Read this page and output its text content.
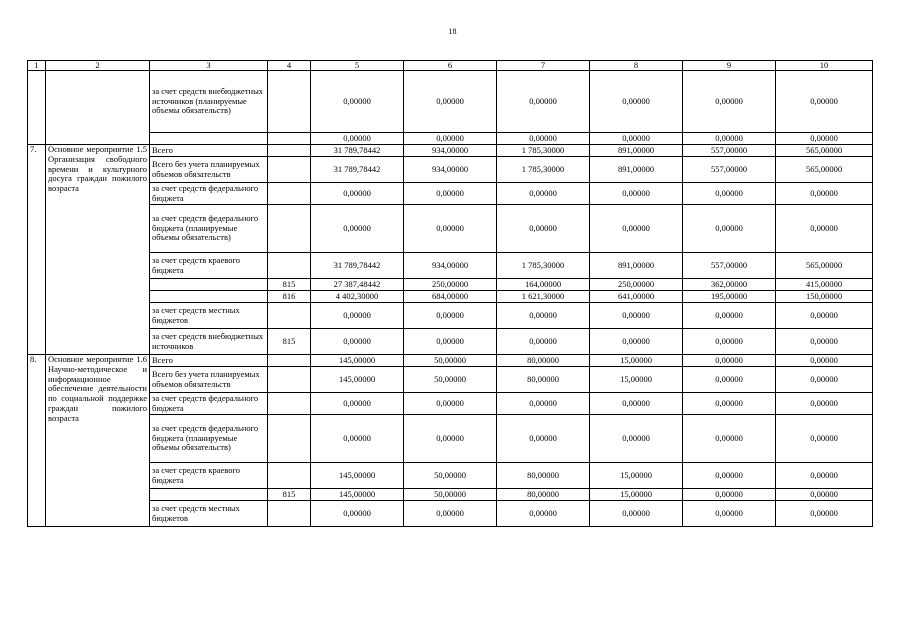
18
1	2	3	4	5	6	7	8	9	10
		за счет средств внебюджетных источников (планируемые объемы обязательств)		0,00000	0,00000	0,00000	0,00000	0,00000	0,00000
				0,00000	0,00000	0,00000	0,00000	0,00000	0,00000
7.	Основное мероприятие 1.5 Организация свободного времени и культурного досуга граждан пожилого возраста	Всего		31 789,78442	934,00000	1 785,30000	891,00000	557,00000	565,00000
		Всего без учета планируемых объемов обязательств		31 789,78442	934,00000	1 785,30000	891,00000	557,00000	565,00000
		за счет средств федерального бюджета		0,00000	0,00000	0,00000	0,00000	0,00000	0,00000
		за счет средств федерального бюджета (планируемые объемы обязательств)		0,00000	0,00000	0,00000	0,00000	0,00000	0,00000
		за счет средств краевого бюджета		31 789,78442	934,00000	1 785,30000	891,00000	557,00000	565,00000
			815	27 387,48442	250,00000	164,00000	250,00000	362,00000	415,00000
			816	4 402,30000	684,00000	1 621,30000	641,00000	195,00000	150,00000
		за счет средств местных бюджетов		0,00000	0,00000	0,00000	0,00000	0,00000	0,00000
		за счет средств внебюджетных источников	815	0,00000	0,00000	0,00000	0,00000	0,00000	0,00000
8.	Основное мероприятие 1.6 Научно-методическое и информационное обеспечение деятельности по социальной поддержке граждан пожилого возраста	Всего		145,00000	50,00000	80,00000	15,00000	0,00000	0,00000
		Всего без учета планируемых объемов обязательств		145,00000	50,00000	80,00000	15,00000	0,00000	0,00000
		за счет средств федерального бюджета		0,00000	0,00000	0,00000	0,00000	0,00000	0,00000
		за счет средств федерального бюджета (планируемые объемы обязательств)		0,00000	0,00000	0,00000	0,00000	0,00000	0,00000
		за счет средств краевого бюджета		145,00000	50,00000	80,00000	15,00000	0,00000	0,00000
			815	145,00000	50,00000	80,00000	15,00000	0,00000	0,00000
		за счет средств местных бюджетов		0,00000	0,00000	0,00000	0,00000	0,00000	0,00000
